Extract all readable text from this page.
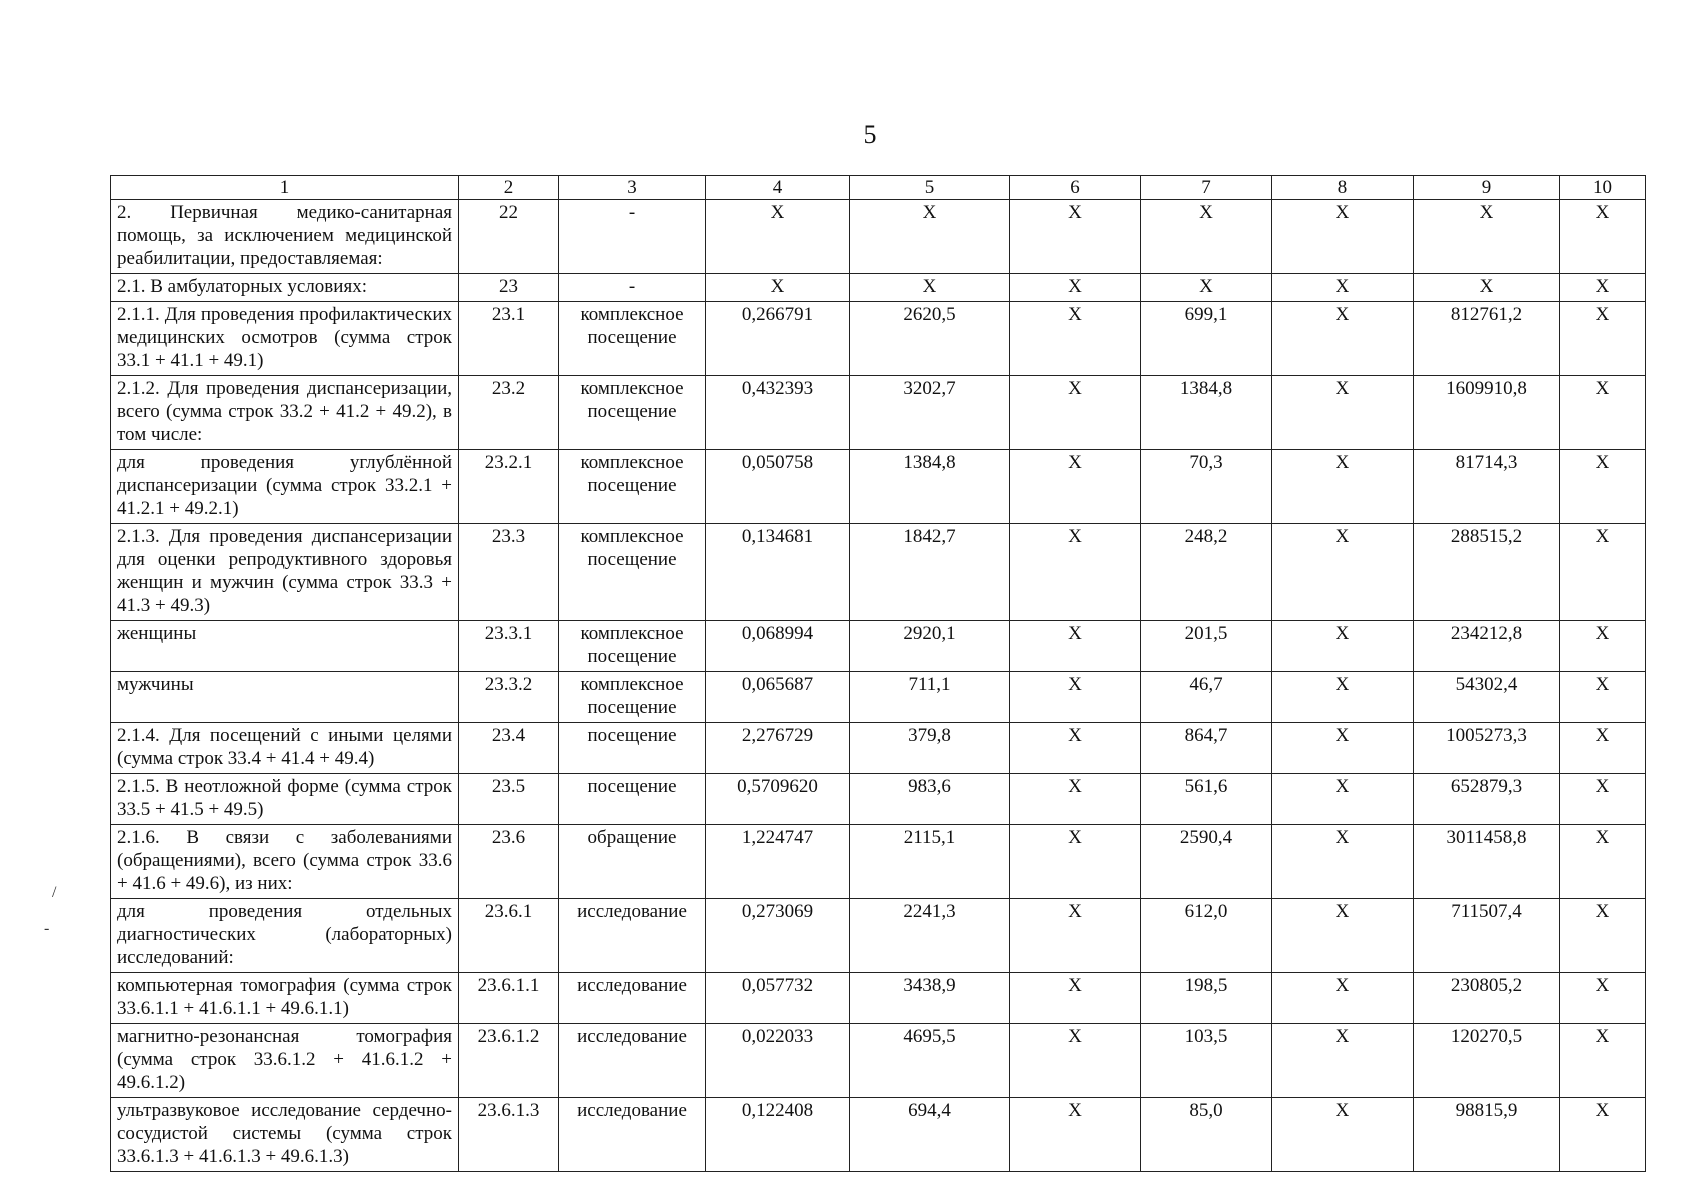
5
1	2	3	4	5	6	7	8	9	10
2. Первичная медико-санитарная помощь, за исключением медицинской реабилитации, предоставляемая:	22	-	X	X	X	X	X	X	X
2.1. В амбулаторных условиях:	23	-	X	X	X	X	X	X	X
2.1.1. Для проведения профилактических медицинских осмотров (сумма строк 33.1 + 41.1 + 49.1)	23.1	комплексное посещение	0,266791	2620,5	X	699,1	X	812761,2	X
2.1.2. Для проведения диспансеризации, всего (сумма строк 33.2 + 41.2 + 49.2), в том числе:	23.2	комплексное посещение	0,432393	3202,7	X	1384,8	X	1609910,8	X
для проведения углублённой диспансеризации (сумма строк 33.2.1 + 41.2.1 + 49.2.1)	23.2.1	комплексное посещение	0,050758	1384,8	X	70,3	X	81714,3	X
2.1.3. Для проведения диспансеризации для оценки репродуктивного здоровья женщин и мужчин (сумма строк 33.3 + 41.3 + 49.3)	23.3	комплексное посещение	0,134681	1842,7	X	248,2	X	288515,2	X
женщины	23.3.1	комплексное посещение	0,068994	2920,1	X	201,5	X	234212,8	X
мужчины	23.3.2	комплексное посещение	0,065687	711,1	X	46,7	X	54302,4	X
2.1.4. Для посещений с иными целями (сумма строк 33.4 + 41.4 + 49.4)	23.4	посещение	2,276729	379,8	X	864,7	X	1005273,3	X
2.1.5. В неотложной форме (сумма строк 33.5 + 41.5 + 49.5)	23.5	посещение	0,5709620	983,6	X	561,6	X	652879,3	X
2.1.6. В связи с заболеваниями (обращениями), всего (сумма строк 33.6 + 41.6 + 49.6), из них:	23.6	обращение	1,224747	2115,1	X	2590,4	X	3011458,8	X
для проведения отдельных диагностических (лабораторных) исследований:	23.6.1	исследование	0,273069	2241,3	X	612,0	X	711507,4	X
компьютерная томография (сумма строк 33.6.1.1 + 41.6.1.1 + 49.6.1.1)	23.6.1.1	исследование	0,057732	3438,9	X	198,5	X	230805,2	X
магнитно-резонансная томография (сумма строк 33.6.1.2 + 41.6.1.2 + 49.6.1.2)	23.6.1.2	исследование	0,022033	4695,5	X	103,5	X	120270,5	X
ультразвуковое исследование сердечно-сосудистой системы (сумма строк 33.6.1.3 + 41.6.1.3 + 49.6.1.3)	23.6.1.3	исследование	0,122408	694,4	X	85,0	X	98815,9	X
/
-
